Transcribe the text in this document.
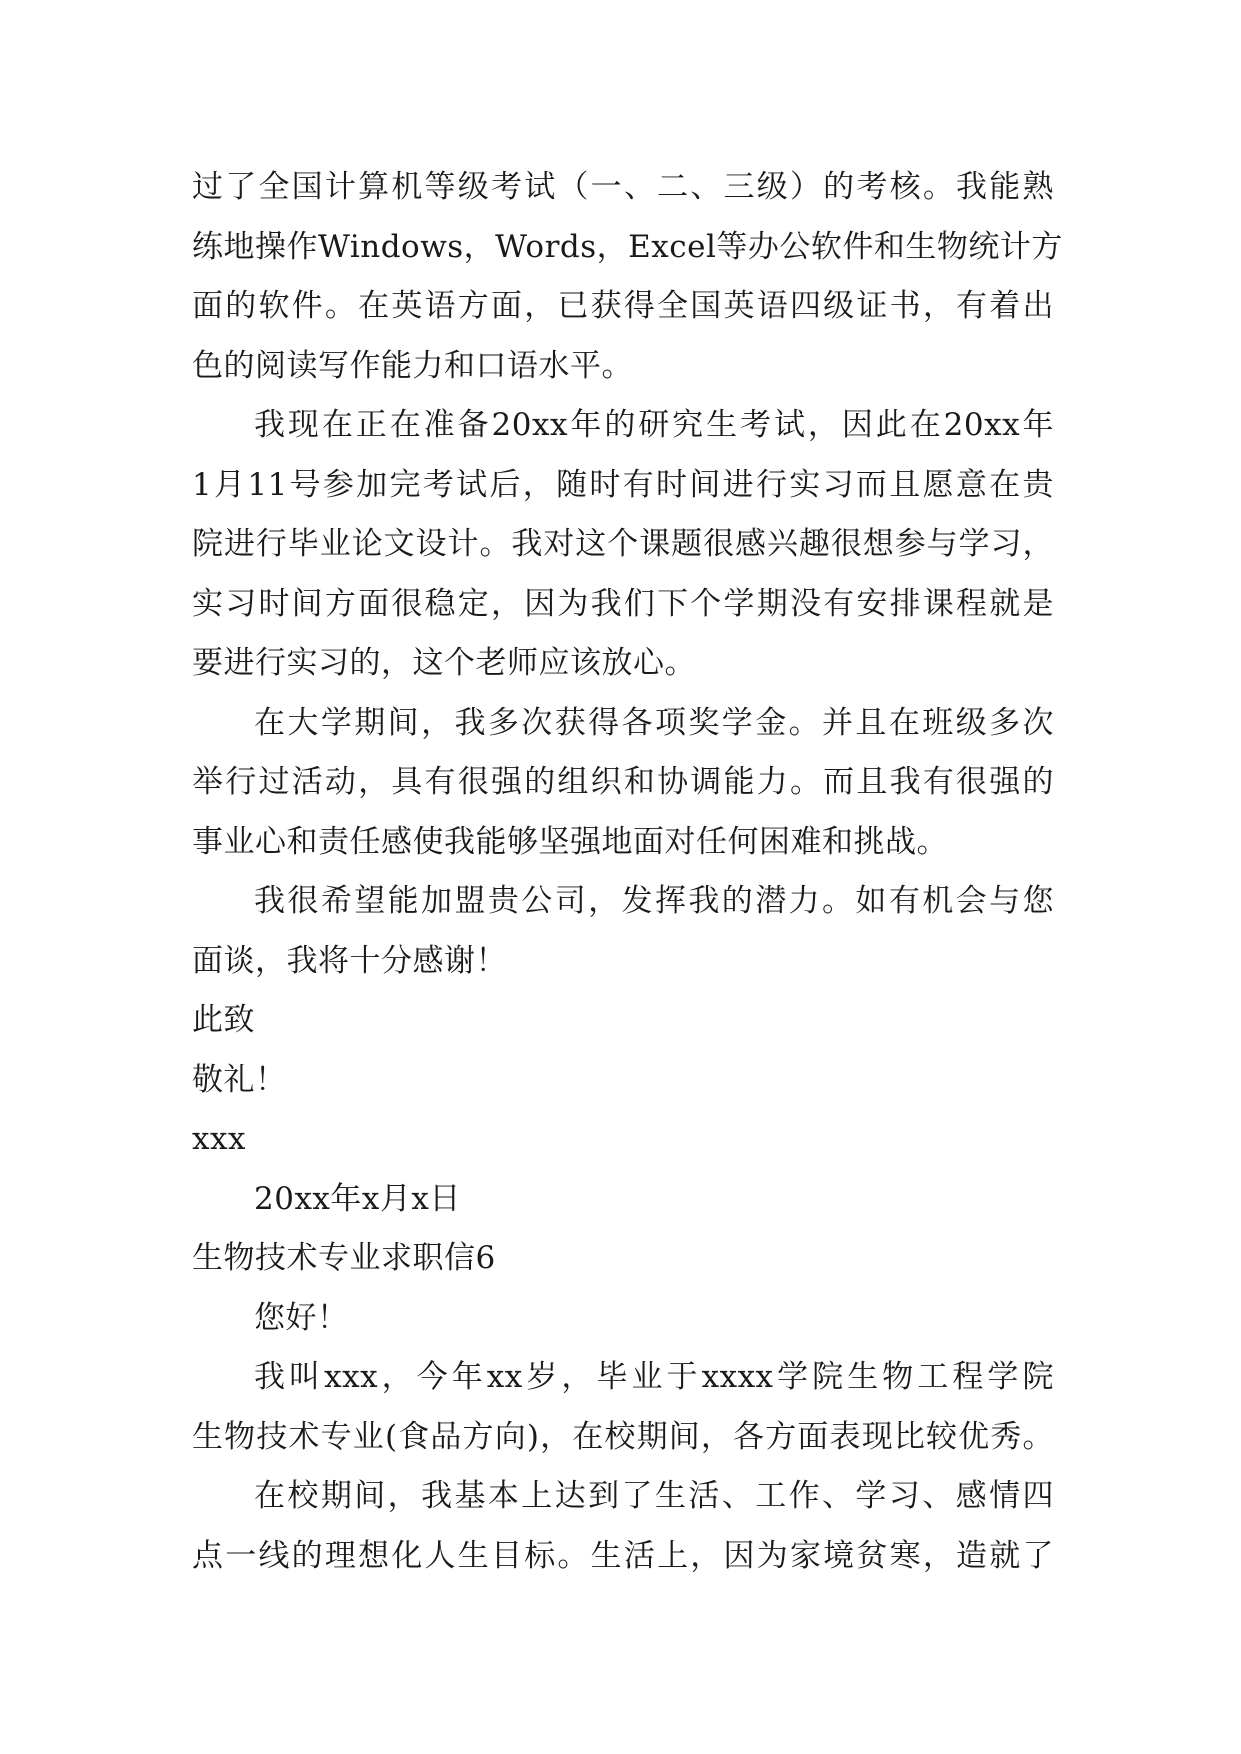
过了全国计算机等级考试（一、二、三级）的考核。我能熟
练地操作Windows，Words，Excel等办公软件和生物统计方
面的软件。在英语方面，已获得全国英语四级证书，有着出
色的阅读写作能力和口语水平。
我现在正在准备20xx年的研究生考试，因此在20xx年
1月11号参加完考试后，随时有时间进行实习而且愿意在贵
院进行毕业论文设计。我对这个课题很感兴趣很想参与学习，
实习时间方面很稳定，因为我们下个学期没有安排课程就是
要进行实习的，这个老师应该放心。
在大学期间，我多次获得各项奖学金。并且在班级多次
举行过活动，具有很强的组织和协调能力。而且我有很强的
事业心和责任感使我能够坚强地面对任何困难和挑战。
我很希望能加盟贵公司，发挥我的潜力。如有机会与您
面谈，我将十分感谢！
此致
敬礼！
xxx
20xx年x月x日
生物技术专业求职信6
您好！
我叫xxx，今年xx岁，毕业于xxxx学院生物工程学院
生物技术专业(食品方向)，在校期间，各方面表现比较优秀。
在校期间，我基本上达到了生活、工作、学习、感情四
点一线的理想化人生目标。生活上，因为家境贫寒，造就了
